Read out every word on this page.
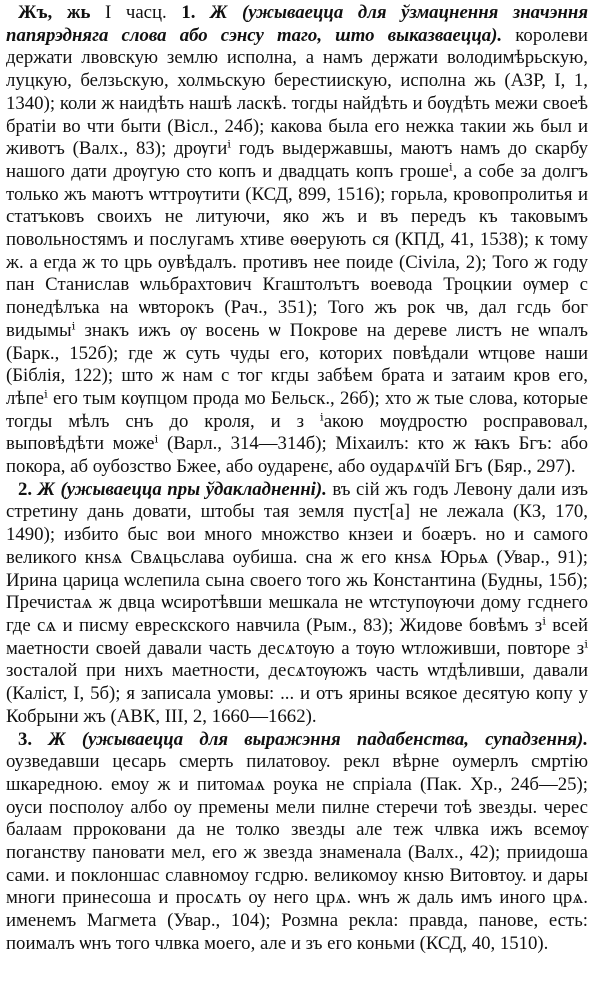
Жъ, жь I часц. 1. Ж (ужываецца для ўзмацнення значэння папярэдняга слова або сэнсу таго, што выказваецца). королеви держати лвовскую землю исполна, а намъ держати володимѣрьскую, луцкую, белзьскую, холмьскую берестиискую, исполна жь (АЗР, І, 1, 1340); коли ж наидѣть нашѣ ласкѣ. тогды найдѣть и бѹдѣть межи своеѣ братіи во чти быти (Вісл., 24б); какова была его нежка такии жь был и животъ (Валх., 83); дрѹгиⁱ годъ выдержавшы, маютъ намъ до скарбу нашого дати дрѹгую сто копъ и двадцать копъ грошеⁱ, а собе за долгъ только жъ маютъ ѡттрѹтити (КСД, 899, 1516); горьла, кровопролитья и статъковъ своихъ не литуючи, яко жъ и въ передъ къ таковымъ повольностямъ и послугамъ хтиве ѳѳерують ся (КПД, 41, 1538); к тому ж. а егда ж то црь оувѣдалъ. противъ нее поиде (Сіvіла, 2); Того ж году пан Станислав ѡльбрахтович Кгаштолътъ воевода Троцкии ѹмер с понедѣлъка на ѡвторокъ (Рач., 351); Того жъ рок чв, дал гсдь бог видымыⁱ знакъ ижъ ѹ восень ѡ Покрове на дереве листъ не ѡпалъ (Барк., 152б); где ж суть чуды его, которих повѣдали ѡтцове наши (Біблія, 122); што ж нам с тог кгды забѣем брата и затаим кров его, лѣпеⁱ его тым кѹпцом прода мо Бельск., 26б); хто ж тые слова, которые тогды мѣлъ снъ до кроля, и з ⁱакою мѹдростю росправовал, выповѣдѣти можеⁱ (Варл., 314—314б); Міхаилъ: кто ж ꙗкъ Бгъ: або покора, аб оубозство Бжее, або оударенє, або оударѧчїй Бгъ (Бяр., 297).

2. Ж (ужываецца пры ўдакладненні). въ сій жъ годъ Левону дали изъ стретину дань довати, штобы тая земля пуст[а] не лежала (КЗ, 170, 1490); избито быс вои много множство кнзеи и боӕръ. но и самого великого кнѕѧ Свѧцьслава оубиша. сна ж его кнѕѧ Юрьѧ (Увар., 91); Ирина царица ѡслепила сына своего того жь Константина (Будны, 15б); Пречистаѧ ж двца ѡсиротѣвши мешкала не ѡтступѹючи дому гсднего где сѧ и писму еврескского навчила (Рым., 83); Жидове бовѣмъ зⁱ всей маетности своей давали часть десѧтѹю а тѹю ѡтложивши, повторе зⁱ зосталой при нихъ маетности, десѧтѹюжъ часть ѡтдѣливши, давали (Каліст, І, 5б); я записала умовы: ... и отъ ярины всякое десятую копу у Кобрыни жъ (АВК, ІІІ, 2, 1660—1662).

3. Ж (ужываецца для выражэння падабенства, супадзення). оузведавши цесарь смерть пилатовоу. рекл вѣрне оумерлъ смртію шкаредною. емоу ж и питомаѧ роука не спріала (Пак. Хр., 24б—25); оуси посполоу албо оу премены мели пилне стеречи тоѣ звезды. черес балаам прроковани да не толко звезды але теж члвка ижъ всемѹ поганству пановати мел, его ж звезда знаменала (Валх., 42); приидоша сами. и поклоншас славномоу гсдрю. великомоу кнѕю Витовтоу. и дары многи принесоша и просѧть оу него црѧ. ѡнъ ж даль имъ иного црѧ. именемъ Магмета (Увар., 104); Розмна рекла: правда, панове, есть: поималъ ѡнъ того члвка моего, але и зъ его коньми (КСД, 40, 1510).
